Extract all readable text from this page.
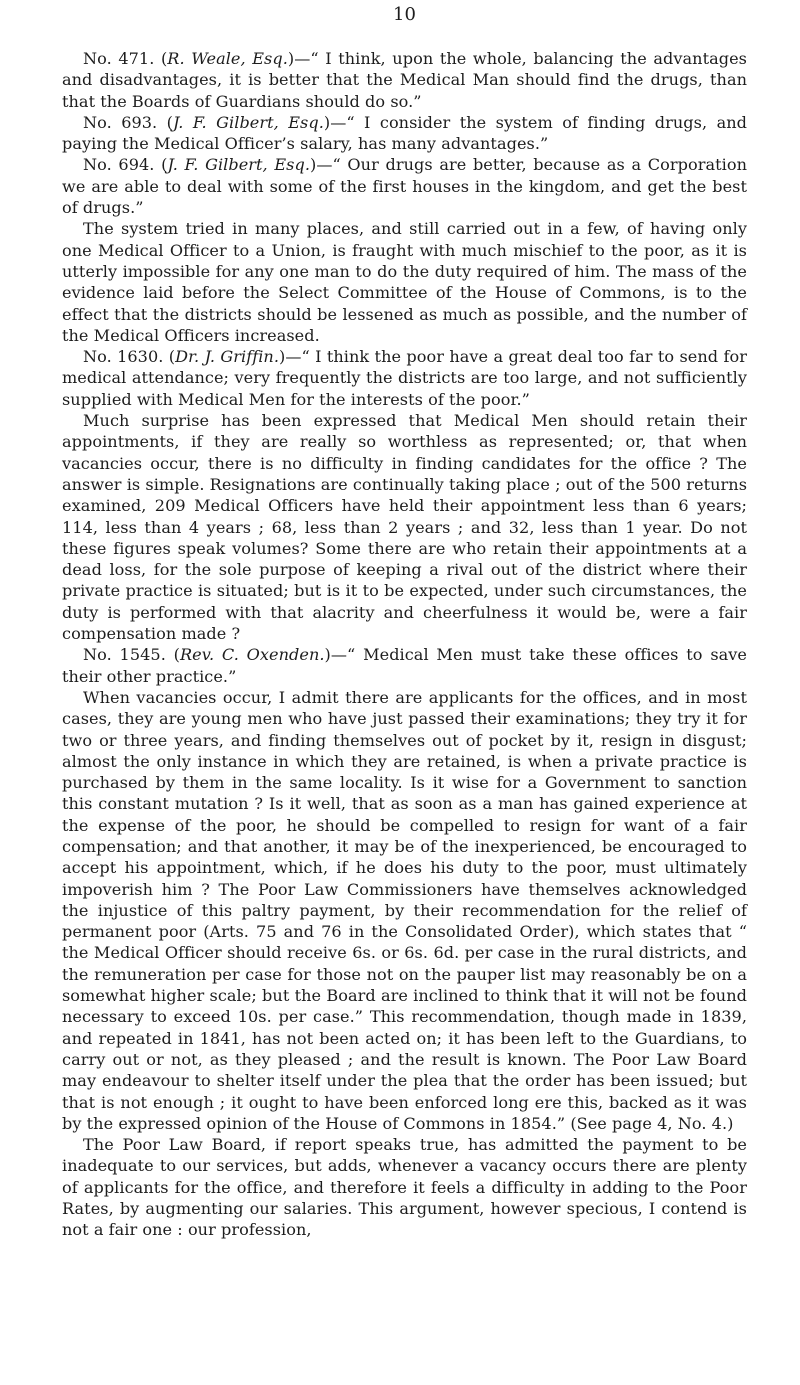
10

No. 471. (R. Weale, Esq.)—“ I think, upon the whole, balancing the advantages and disadvantages, it is better that the Medical Man should find the drugs, than that the Boards of Guardians should do so.”

No. 693. (J. F. Gilbert, Esq.)—“ I consider the system of finding drugs, and paying the Medical Officer’s salary, has many advantages.”

No. 694. (J. F. Gilbert, Esq.)—“ Our drugs are better, because as a Corporation we are able to deal with some of the first houses in the kingdom, and get the best of drugs.”

The system tried in many places, and still carried out in a few, of having only one Medical Officer to a Union, is fraught with much mischief to the poor, as it is utterly impossible for any one man to do the duty required of him. The mass of the evidence laid before the Select Committee of the House of Commons, is to the effect that the districts should be lessened as much as possible, and the number of the Medical Officers increased.

No. 1630. (Dr. J. Griffin.)—“ I think the poor have a great deal too far to send for medical attendance; very frequently the districts are too large, and not sufficiently supplied with Medical Men for the interests of the poor.”

Much surprise has been expressed that Medical Men should retain their appointments, if they are really so worthless as represented; or, that when vacancies occur, there is no difficulty in finding candidates for the office ? The answer is simple. Resignations are continually taking place ; out of the 500 returns examined, 209 Medical Officers have held their appointment less than 6 years; 114, less than 4 years ; 68, less than 2 years ; and 32, less than 1 year. Do not these figures speak volumes? Some there are who retain their appointments at a dead loss, for the sole purpose of keeping a rival out of the district where their private practice is situated; but is it to be expected, under such circumstances, the duty is performed with that alacrity and cheerfulness it would be, were a fair compensation made ?

No. 1545. (Rev. C. Oxenden.)—“ Medical Men must take these offices to save their other practice.”

When vacancies occur, I admit there are applicants for the offices, and in most cases, they are young men who have just passed their examinations; they try it for two or three years, and finding themselves out of pocket by it, resign in disgust; almost the only instance in which they are retained, is when a private practice is purchased by them in the same locality. Is it wise for a Government to sanction this constant mutation ? Is it well, that as soon as a man has gained experience at the expense of the poor, he should be compelled to resign for want of a fair compensation; and that another, it may be of the inexperienced, be encouraged to accept his appointment, which, if he does his duty to the poor, must ultimately impoverish him ? The Poor Law Commissioners have themselves acknowledged the injustice of this paltry payment, by their recommendation for the relief of permanent poor (Arts. 75 and 76 in the Consolidated Order), which states that “ the Medical Officer should receive 6s. or 6s. 6d. per case in the rural districts, and the remuneration per case for those not on the pauper list may reasonably be on a somewhat higher scale; but the Board are inclined to think that it will not be found necessary to exceed 10s. per case.” This recommendation, though made in 1839, and repeated in 1841, has not been acted on; it has been left to the Guardians, to carry out or not, as they pleased ; and the result is known. The Poor Law Board may endeavour to shelter itself under the plea that the order has been issued; but that is not enough ; it ought to have been enforced long ere this, backed as it was by the expressed opinion of the House of Commons in 1854.” (See page 4, No. 4.)

The Poor Law Board, if report speaks true, has admitted the payment to be inadequate to our services, but adds, whenever a vacancy occurs there are plenty of applicants for the office, and therefore it feels a difficulty in adding to the Poor Rates, by augmenting our salaries. This argument, however specious, I contend is not a fair one : our profession,
